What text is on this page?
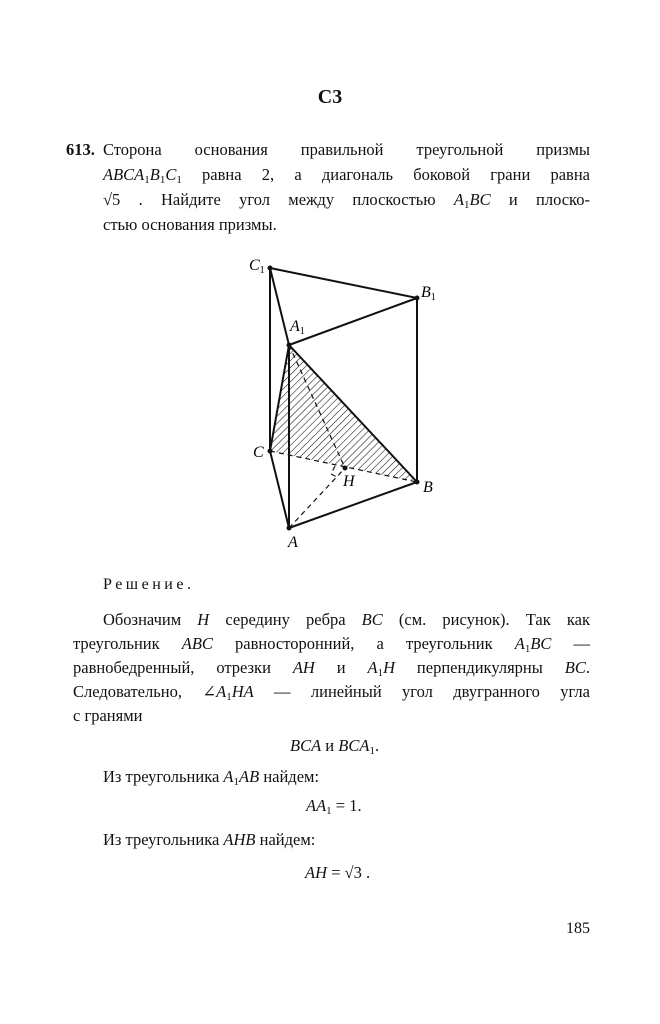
C3
613. Сторона основания правильной треугольной призмы
$ABCA_1B_1C_1$ равна 2, а диагональ боковой грани равна
√5 . Найдите угол между плоскостью $A_1BC$ и плоско-
стью основания призмы.
C1
B1
A1
C
B
A
H
Решение.
Обозначим H середину ребра BC (см. рисунок). Так как
треугольник ABC равносторонний, а треугольник $A_1BC$ —
равнобедренный, отрезки AH и $A_1H$ перпендикулярны BC.
Следовательно, $\angle A_1HA$ — линейный угол двугранного угла
с гранями
BCA и $BCA_1$.
Из треугольника $A_1AB$ найдем:
$AA_1 = 1$.
Из треугольника AHB найдем:
AH = √3 .
185
